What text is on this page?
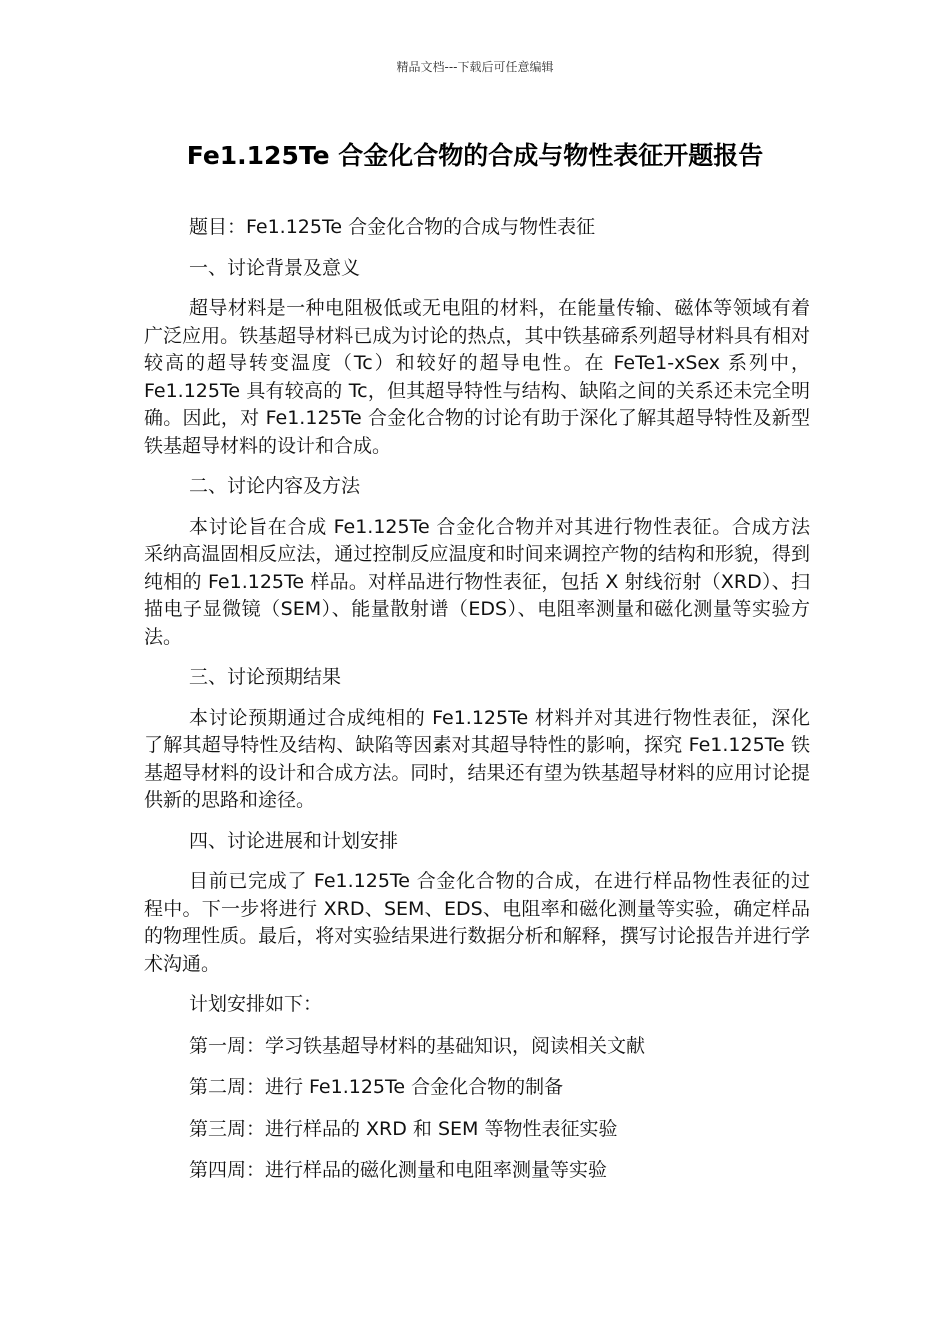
精品文档---下载后可任意编辑
Fe1.125Te 合金化合物的合成与物性表征开题报告

题目：Fe1.125Te 合金化合物的合成与物性表征

一、讨论背景及意义

超导材料是一种电阻极低或无电阻的材料，在能量传输、磁体等领域有着广泛应用。铁基超导材料已成为讨论的热点，其中铁基碲系列超导材料具有相对较高的超导转变温度（Tc）和较好的超导电性。在 FeTe1-xSex 系列中，Fe1.125Te 具有较高的 Tc，但其超导特性与结构、缺陷之间的关系还未完全明确。因此，对 Fe1.125Te 合金化合物的讨论有助于深化了解其超导特性及新型铁基超导材料的设计和合成。

二、讨论内容及方法

本讨论旨在合成 Fe1.125Te 合金化合物并对其进行物性表征。合成方法采纳高温固相反应法，通过控制反应温度和时间来调控产物的结构和形貌，得到纯相的 Fe1.125Te 样品。对样品进行物性表征，包括 X 射线衍射（XRD）、扫描电子显微镜（SEM）、能量散射谱（EDS）、电阻率测量和磁化测量等实验方法。

三、讨论预期结果

本讨论预期通过合成纯相的 Fe1.125Te 材料并对其进行物性表征，深化了解其超导特性及结构、缺陷等因素对其超导特性的影响，探究 Fe1.125Te 铁基超导材料的设计和合成方法。同时，结果还有望为铁基超导材料的应用讨论提供新的思路和途径。

四、讨论进展和计划安排

目前已完成了 Fe1.125Te 合金化合物的合成，在进行样品物性表征的过程中。下一步将进行 XRD、SEM、EDS、电阻率和磁化测量等实验，确定样品的物理性质。最后，将对实验结果进行数据分析和解释，撰写讨论报告并进行学术沟通。

计划安排如下：

第一周：学习铁基超导材料的基础知识，阅读相关文献

第二周：进行 Fe1.125Te 合金化合物的制备

第三周：进行样品的 XRD 和 SEM 等物性表征实验

第四周：进行样品的磁化测量和电阻率测量等实验
